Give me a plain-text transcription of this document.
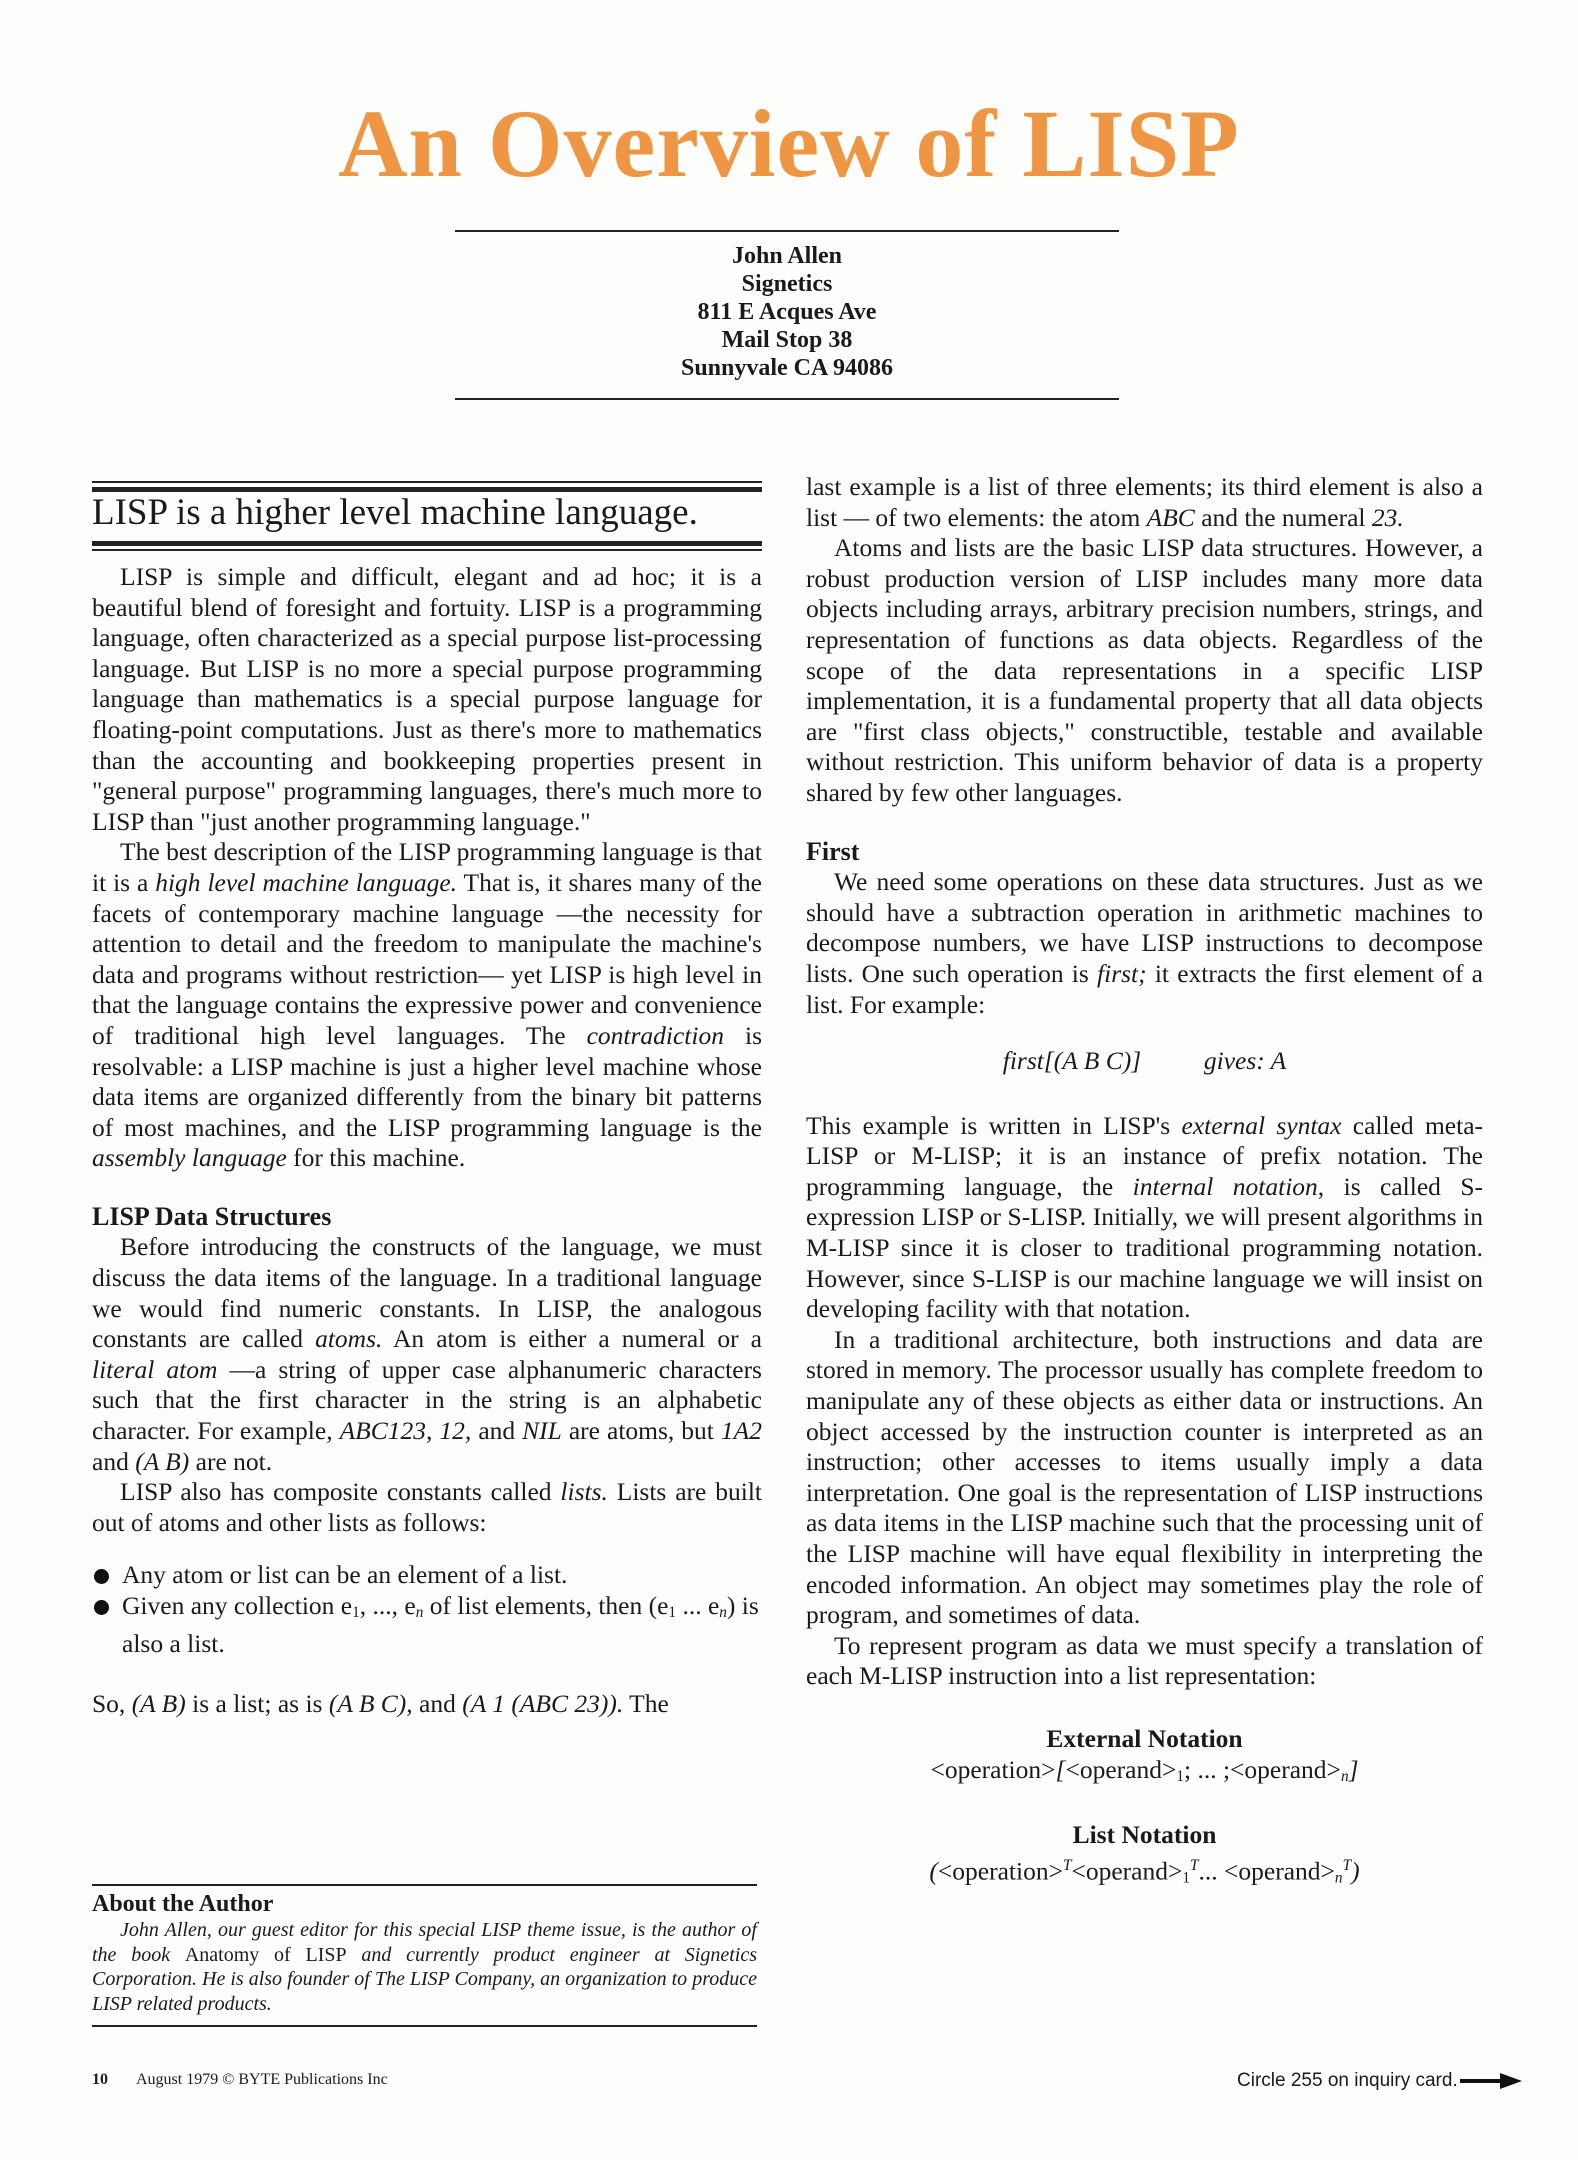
An Overview of LISP
John Allen
Signetics
811 E Acques Ave
Mail Stop 38
Sunnyvale CA 94086
LISP is a higher level machine language.

LISP is simple and difficult, elegant and ad hoc; it is a beautiful blend of foresight and fortuity. LISP is a programming language, often characterized as a special purpose list-processing language. But LISP is no more a special purpose programming language than mathematics is a special purpose language for floating-point computations. Just as there's more to mathematics than the accounting and bookkeeping properties present in "general purpose" programming languages, there's much more to LISP than "just another programming language."

The best description of the LISP programming language is that it is a high level machine language. That is, it shares many of the facets of contemporary machine language —the necessity for attention to detail and the freedom to manipulate the machine's data and programs without restriction— yet LISP is high level in that the language contains the expressive power and convenience of traditional high level languages. The contradiction is resolvable: a LISP machine is just a higher level machine whose data items are organized differently from the binary bit patterns of most machines, and the LISP programming language is the assembly language for this machine.

LISP Data Structures

Before introducing the constructs of the language, we must discuss the data items of the language. In a traditional language we would find numeric constants. In LISP, the analogous constants are called atoms. An atom is either a numeral or a literal atom —a string of upper case alphanumeric characters such that the first character in the string is an alphabetic character. For example, ABC123, 12, and NIL are atoms, but 1A2 and (A B) are not.

LISP also has composite constants called lists. Lists are built out of atoms and other lists as follows:

Any atom or list can be an element of a list.
Given any collection $e_1$, ..., $e_n$ of list elements, then ($e_1$ ... $e_n$) is also a list.

So, (A B) is a list; as is (A B C), and (A 1 (ABC 23)). The

About the Author

John Allen, our guest editor for this special LISP theme issue, is the author of the book Anatomy of LISP and currently product engineer at Signetics Corporation. He is also founder of The LISP Company, an organization to produce LISP related products.

10 August 1979 © BYTE Publications Inc

last example is a list of three elements; its third element is also a list — of two elements: the atom ABC and the numeral 23.

Atoms and lists are the basic LISP data structures. However, a robust production version of LISP includes many more data objects including arrays, arbitrary precision numbers, strings, and representation of functions as data objects. Regardless of the scope of the data representations in a specific LISP implementation, it is a fundamental property that all data objects are "first class objects," constructible, testable and available without restriction. This uniform behavior of data is a property shared by few other languages.

First

We need some operations on these data structures. Just as we should have a subtraction operation in arithmetic machines to decompose numbers, we have LISP instructions to decompose lists. One such operation is first; it extracts the first element of a list. For example:

first[(A B C)] gives: A

This example is written in LISP's external syntax called meta-LISP or M-LISP; it is an instance of prefix notation. The programming language, the internal notation, is called S-expression LISP or S-LISP. Initially, we will present algorithms in M-LISP since it is closer to traditional programming notation. However, since S-LISP is our machine language we will insist on developing facility with that notation.

In a traditional architecture, both instructions and data are stored in memory. The processor usually has complete freedom to manipulate any of these objects as either data or instructions. An object accessed by the instruction counter is interpreted as an instruction; other accesses to items usually imply a data interpretation. One goal is the representation of LISP instructions as data items in the LISP machine such that the processing unit of the LISP machine will have equal flexibility in interpreting the encoded information. An object may sometimes play the role of program, and sometimes of data.

To represent program as data we must specify a translation of each M-LISP instruction into a list representation:

External Notation
$<operation>[<operand>_1$; ... $;<operand>_n$]
List Notation
($<operation>^T<operand>_1^T$... $<operand>_n^T$)
Circle 255 on inquiry card.
